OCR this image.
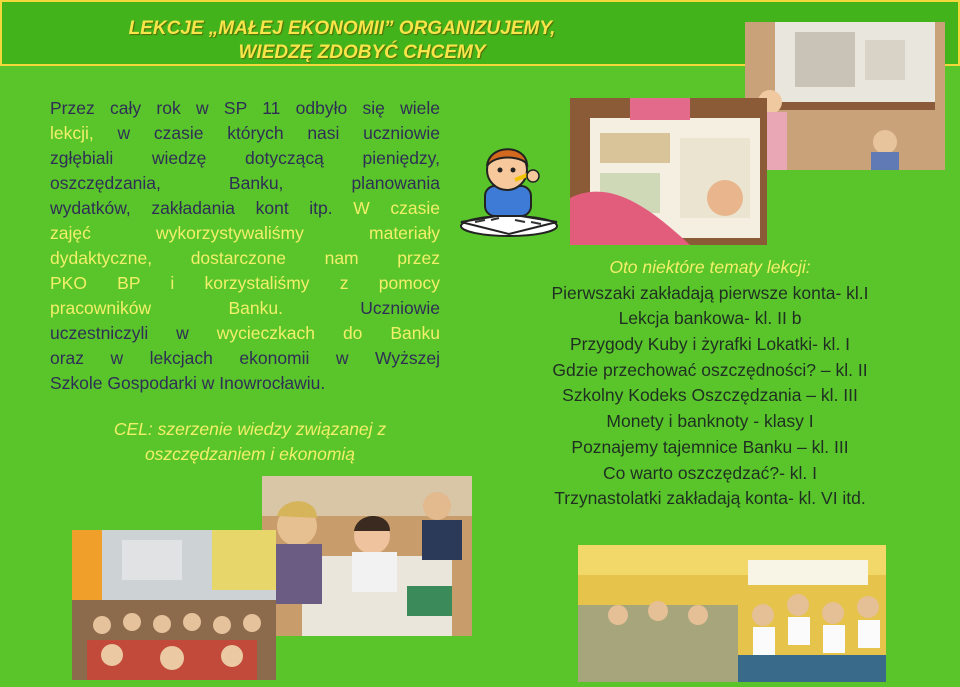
LEKCJE „MAŁEJ EKONOMII” ORGANIZUJEMY,
WIEDZĘ ZDOBYĆ CHCEMY
Przez cały rok w SP 11 odbyło się wiele
lekcji, w czasie których nasi uczniowie
zgłębiali wiedzę dotyczącą pieniędzy,
oszczędzania, Banku, planowania
wydatków, zakładania kont itp. W czasie
zajęć wykorzystywaliśmy materiały
dydaktyczne, dostarczone nam przez
PKO BP i korzystaliśmy z pomocy
pracowników Banku.	Uczniowie
uczestniczyli w wycieczkach do Banku
oraz w lekcjach ekonomii w Wyższej
Szkole Gospodarki w Inowrocławiu.
CEL: szerzenie wiedzy związanej z
oszczędzaniem i ekonomią
Oto niektóre tematy lekcji:
Pierwszaki zakładają pierwsze konta- kl.I
Lekcja bankowa- kl. II b
Przygody Kuby i żyrafki Lokatki- kl. I
Gdzie przechować oszczędności? – kl. II
Szkolny Kodeks Oszczędzania – kl. III
Monety i banknoty - klasy I
Poznajemy tajemnice Banku – kl. III
Co warto oszczędzać?- kl. I
Trzynastolatki zakładają konta- kl. VI itd.
